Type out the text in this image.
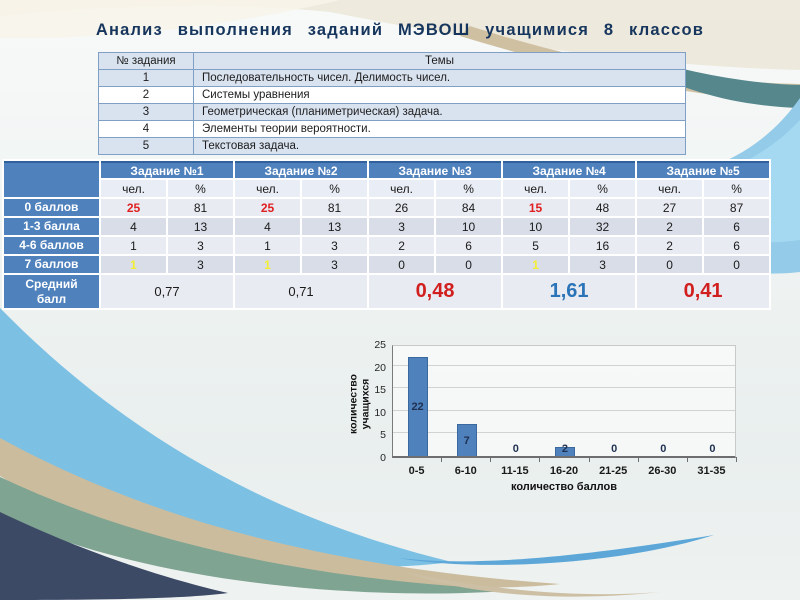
Анализ выполнения заданий МЭВОШ учащимися 8 классов
№ задания	Темы
1	Последовательность чисел. Делимость чисел.
2	Системы уравнения
3	Геометрическая (планиметрическая) задача.
4	Элементы теории вероятности.
5	Текстовая задача.
	Задание №1		Задание №2		Задание №3		Задание №4		Задание №5	
	чел.	%	чел.	%	чел.	%	чел.	%	чел.	%
0 баллов	25	81	25	81	26	84	15	48	27	87
1-3 балла	4	13	4	13	3	10	10	32	2	6
4-6 баллов	1	3	1	3	2	6	5	16	2	6
7 баллов	1	3	1	3	0	0	1	3	0	0
Средний балл	0,77		0,71		0,48		1,61		0,41	
количество учащихся	22
7
0	2	0	0	0
0
5
10
15
20
25
0-5	6-10	11-15	16-20	21-25	26-30	31-35
количество баллов
